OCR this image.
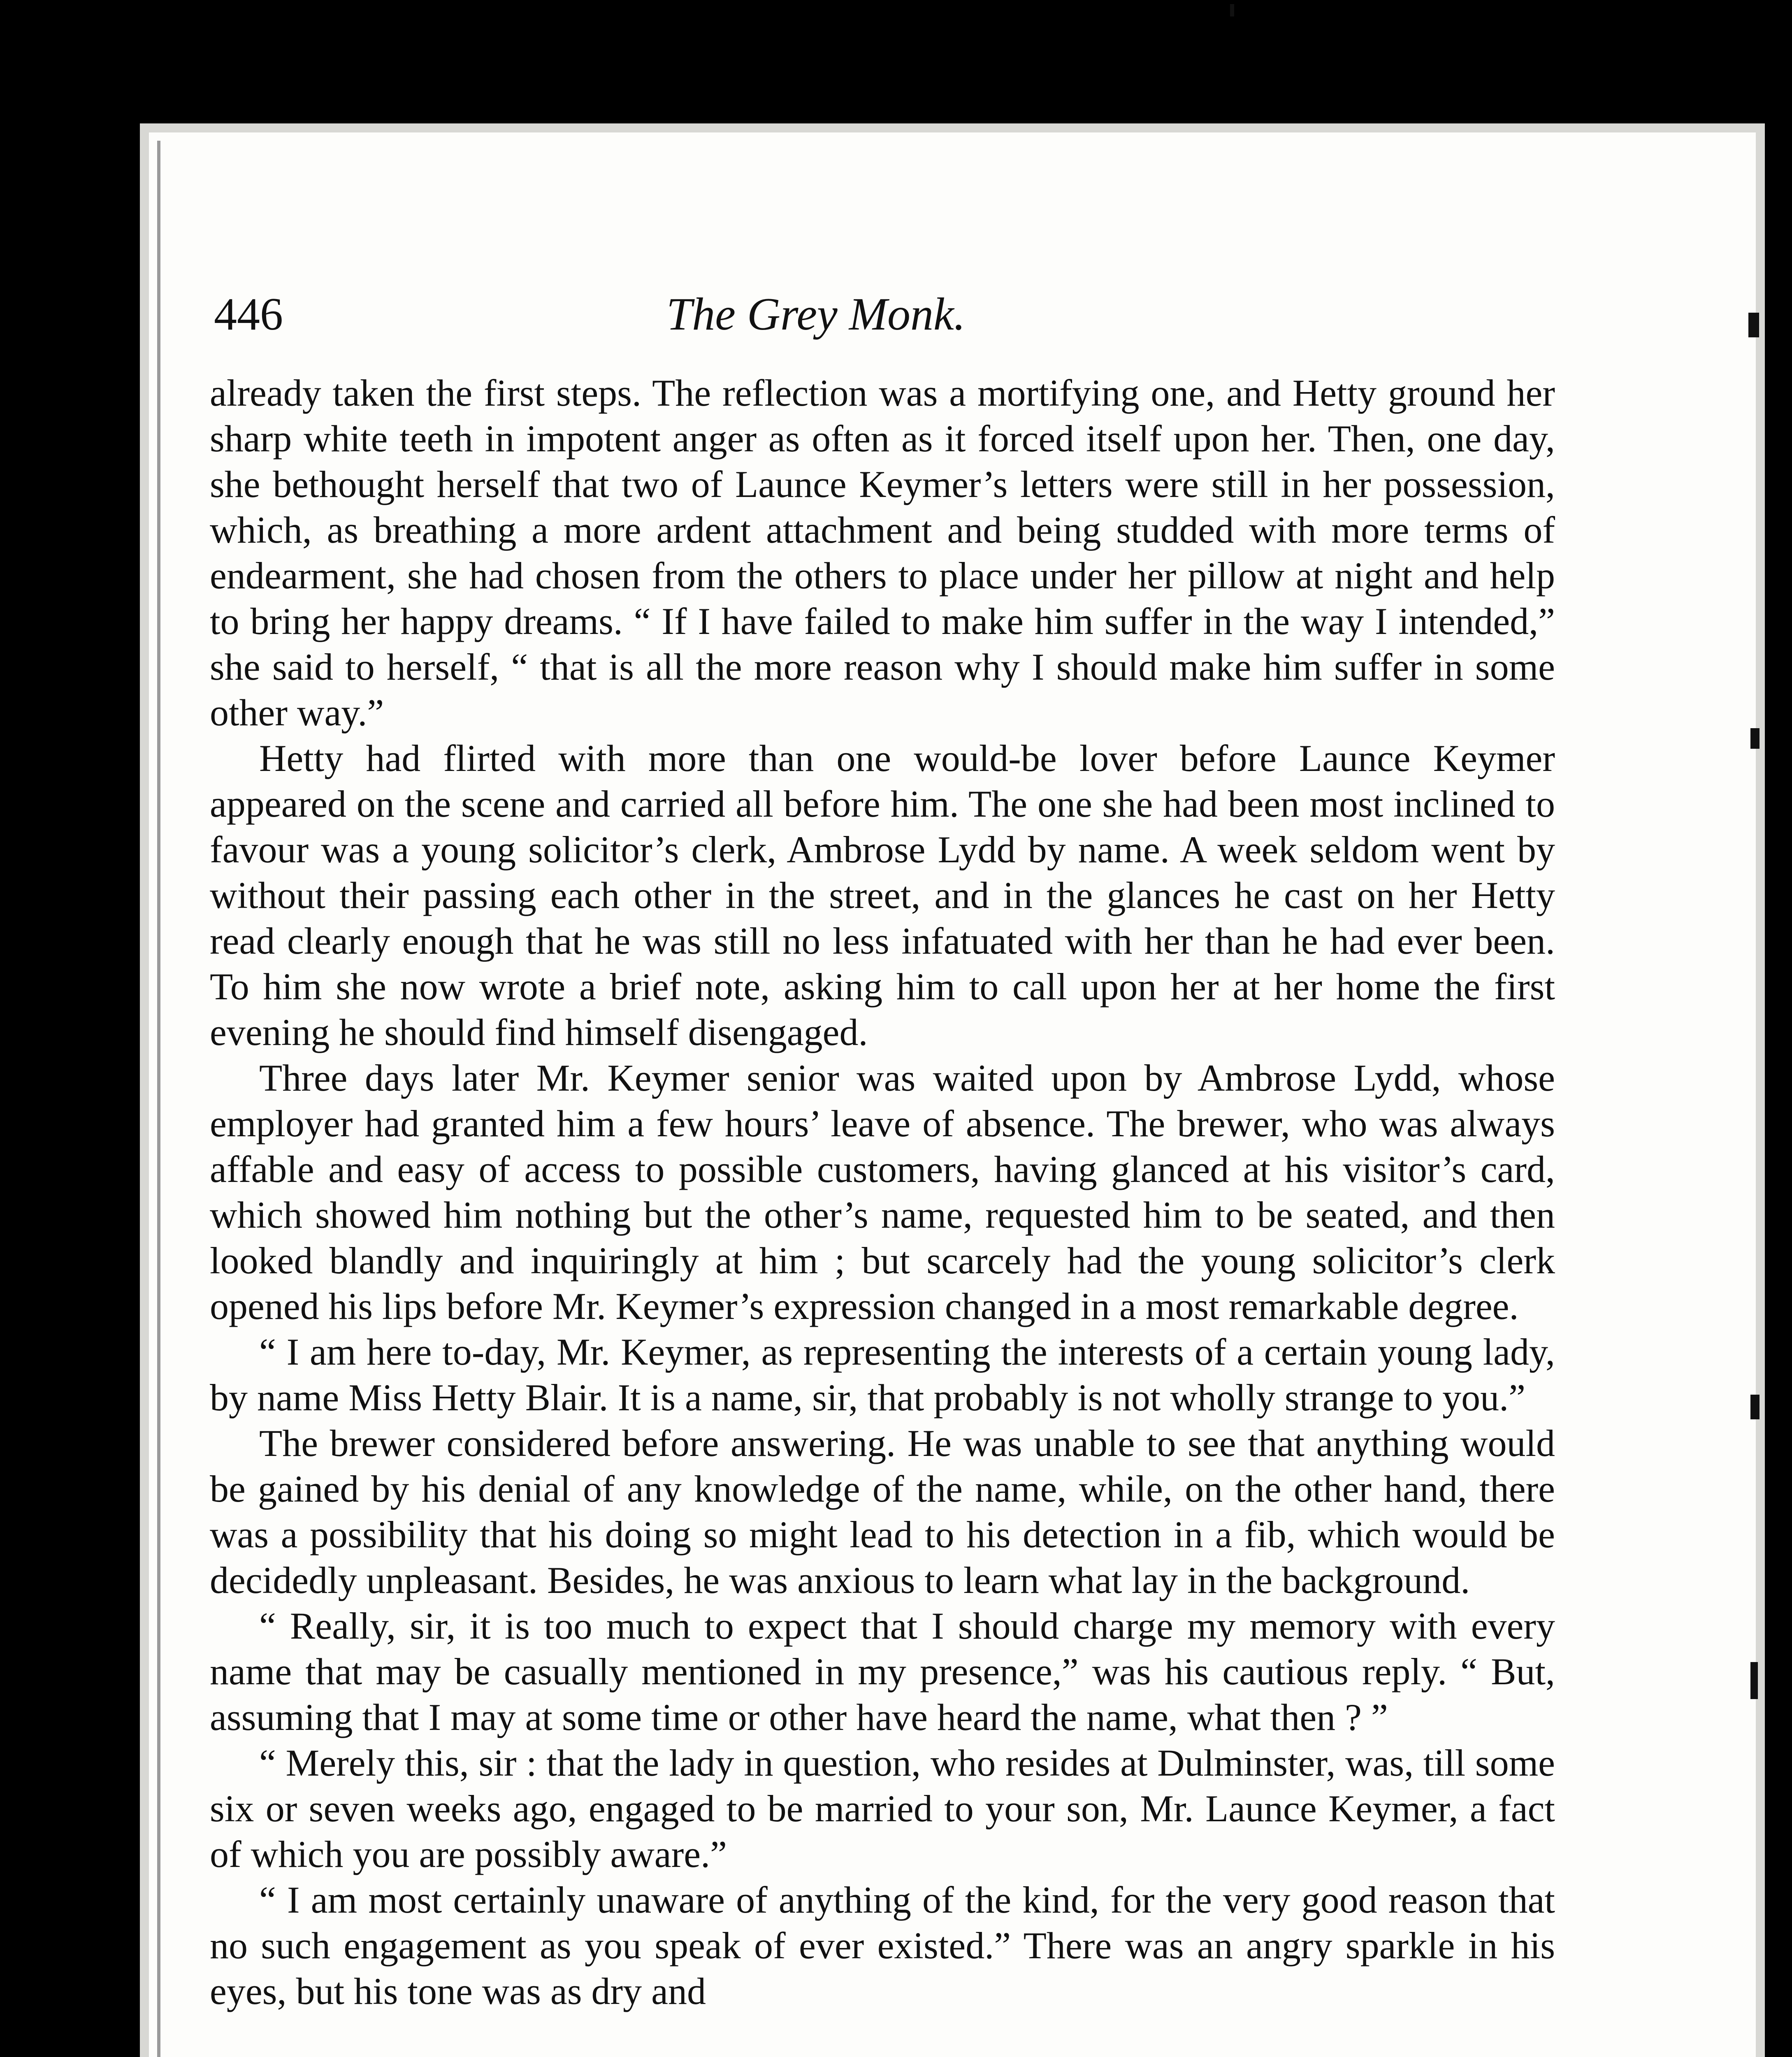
446	The Grey Monk.

already taken the first steps. The reflection was a mortifying one, and Hetty ground her sharp white teeth in impotent anger as often as it forced itself upon her. Then, one day, she bethought herself that two of Launce Keymer’s letters were still in her possession, which, as breathing a more ardent attachment and being studded with more terms of endearment, she had chosen from the others to place under her pillow at night and help to bring her happy dreams. “ If I have failed to make him suffer in the way I intended,” she said to herself, “ that is all the more reason why I should make him suffer in some other way.”

Hetty had flirted with more than one would-be lover before Launce Keymer appeared on the scene and carried all before him. The one she had been most inclined to favour was a young solicitor’s clerk, Ambrose Lydd by name. A week seldom went by without their passing each other in the street, and in the glances he cast on her Hetty read clearly enough that he was still no less infatuated with her than he had ever been. To him she now wrote a brief note, asking him to call upon her at her home the first evening he should find himself disengaged.

Three days later Mr. Keymer senior was waited upon by Ambrose Lydd, whose employer had granted him a few hours’ leave of absence. The brewer, who was always affable and easy of access to possible customers, having glanced at his visitor’s card, which showed him nothing but the other’s name, requested him to be seated, and then looked blandly and inquiringly at him ; but scarcely had the young solicitor’s clerk opened his lips before Mr. Keymer’s expression changed in a most remarkable degree.

“ I am here to-day, Mr. Keymer, as representing the interests of a certain young lady, by name Miss Hetty Blair. It is a name, sir, that probably is not wholly strange to you.”

The brewer considered before answering. He was unable to see that anything would be gained by his denial of any knowledge of the name, while, on the other hand, there was a possibility that his doing so might lead to his detection in a fib, which would be decidedly unpleasant. Besides, he was anxious to learn what lay in the background.

“ Really, sir, it is too much to expect that I should charge my memory with every name that may be casually mentioned in my presence,” was his cautious reply. “ But, assuming that I may at some time or other have heard the name, what then ? ”

“ Merely this, sir : that the lady in question, who resides at Dulminster, was, till some six or seven weeks ago, engaged to be married to your son, Mr. Launce Keymer, a fact of which you are possibly aware.”

“ I am most certainly unaware of anything of the kind, for the very good reason that no such engagement as you speak of ever existed.” There was an angry sparkle in his eyes, but his tone was as dry and
